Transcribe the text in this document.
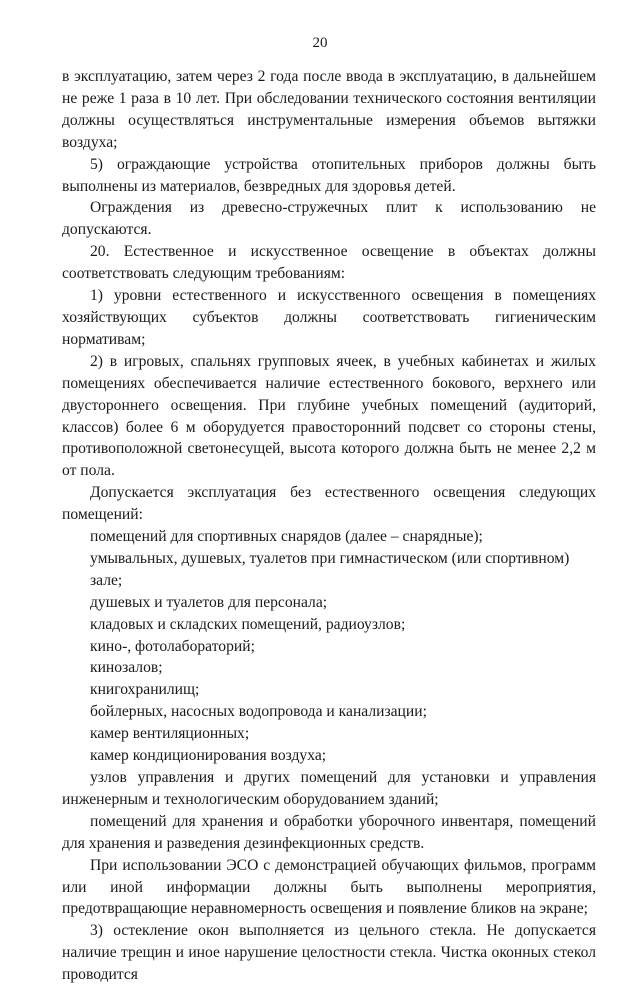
20

в эксплуатацию, затем через 2 года после ввода в эксплуатацию, в дальнейшем не реже 1 раза в 10 лет. При обследовании технического состояния вентиляции должны осуществляться инструментальные измерения объемов вытяжки воздуха;

5) ограждающие устройства отопительных приборов должны быть выполнены из материалов, безвредных для здоровья детей.

Ограждения из древесно-стружечных плит к использованию не допускаются.

20. Естественное и искусственное освещение в объектах должны соответствовать следующим требованиям:

1) уровни естественного и искусственного освещения в помещениях хозяйствующих субъектов должны соответствовать гигиеническим нормативам;

2) в игровых, спальнях групповых ячеек, в учебных кабинетах и жилых помещениях обеспечивается наличие естественного бокового, верхнего или двустороннего освещения. При глубине учебных помещений (аудиторий, классов) более 6 м оборудуется правосторонний подсвет со стороны стены, противоположной светонесущей, высота которого должна быть не менее 2,2 м от пола.

Допускается эксплуатация без естественного освещения следующих помещений:

помещений для спортивных снарядов (далее – снарядные);

умывальных, душевых, туалетов при гимнастическом (или спортивном) зале;

душевых и туалетов для персонала;

кладовых и складских помещений, радиоузлов;

кино-, фотолабораторий;

кинозалов;

книгохранилищ;

бойлерных, насосных водопровода и канализации;

камер вентиляционных;

камер кондиционирования воздуха;

узлов управления и других помещений для установки и управления инженерным и технологическим оборудованием зданий;

помещений для хранения и обработки уборочного инвентаря, помещений для хранения и разведения дезинфекционных средств.

При использовании ЭСО с демонстрацией обучающих фильмов, программ или иной информации должны быть выполнены мероприятия, предотвращающие неравномерность освещения и появление бликов на экране;

3) остекление окон выполняется из цельного стекла. Не допускается наличие трещин и иное нарушение целостности стекла. Чистка оконных стекол проводится
